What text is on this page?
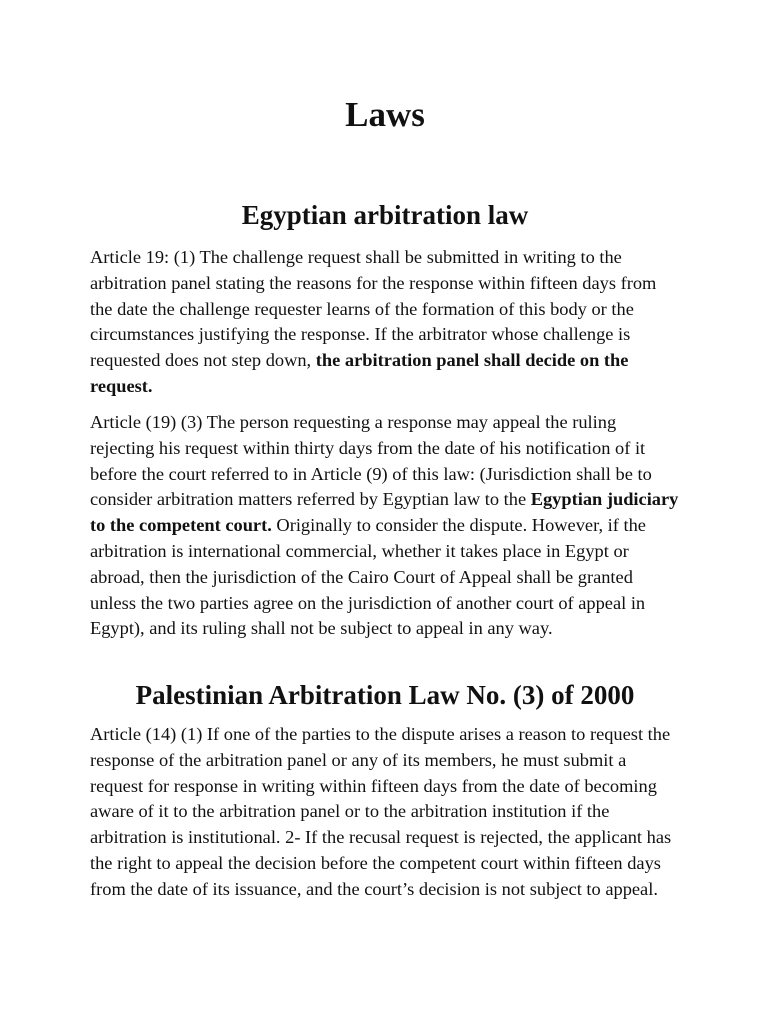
Laws
Egyptian arbitration law

Article 19: (1) The challenge request shall be submitted in writing to the arbitration panel stating the reasons for the response within fifteen days from the date the challenge requester learns of the formation of this body or the circumstances justifying the response. If the arbitrator whose challenge is requested does not step down, the arbitration panel shall decide on the request.

Article (19) (3) The person requesting a response may appeal the ruling rejecting his request within thirty days from the date of his notification of it before the court referred to in Article (9) of this law: (Jurisdiction shall be to consider arbitration matters referred by Egyptian law to the Egyptian judiciary to the competent court. Originally to consider the dispute. However, if the arbitration is international commercial, whether it takes place in Egypt or abroad, then the jurisdiction of the Cairo Court of Appeal shall be granted unless the two parties agree on the jurisdiction of another court of appeal in Egypt), and its ruling shall not be subject to appeal in any way.

Palestinian Arbitration Law No. (3) of 2000

Article (14) (1) If one of the parties to the dispute arises a reason to request the response of the arbitration panel or any of its members, he must submit a request for response in writing within fifteen days from the date of becoming aware of it to the arbitration panel or to the arbitration institution if the arbitration is institutional. 2- If the recusal request is rejected, the applicant has the right to appeal the decision before the competent court within fifteen days from the date of its issuance, and the court’s decision is not subject to appeal.
